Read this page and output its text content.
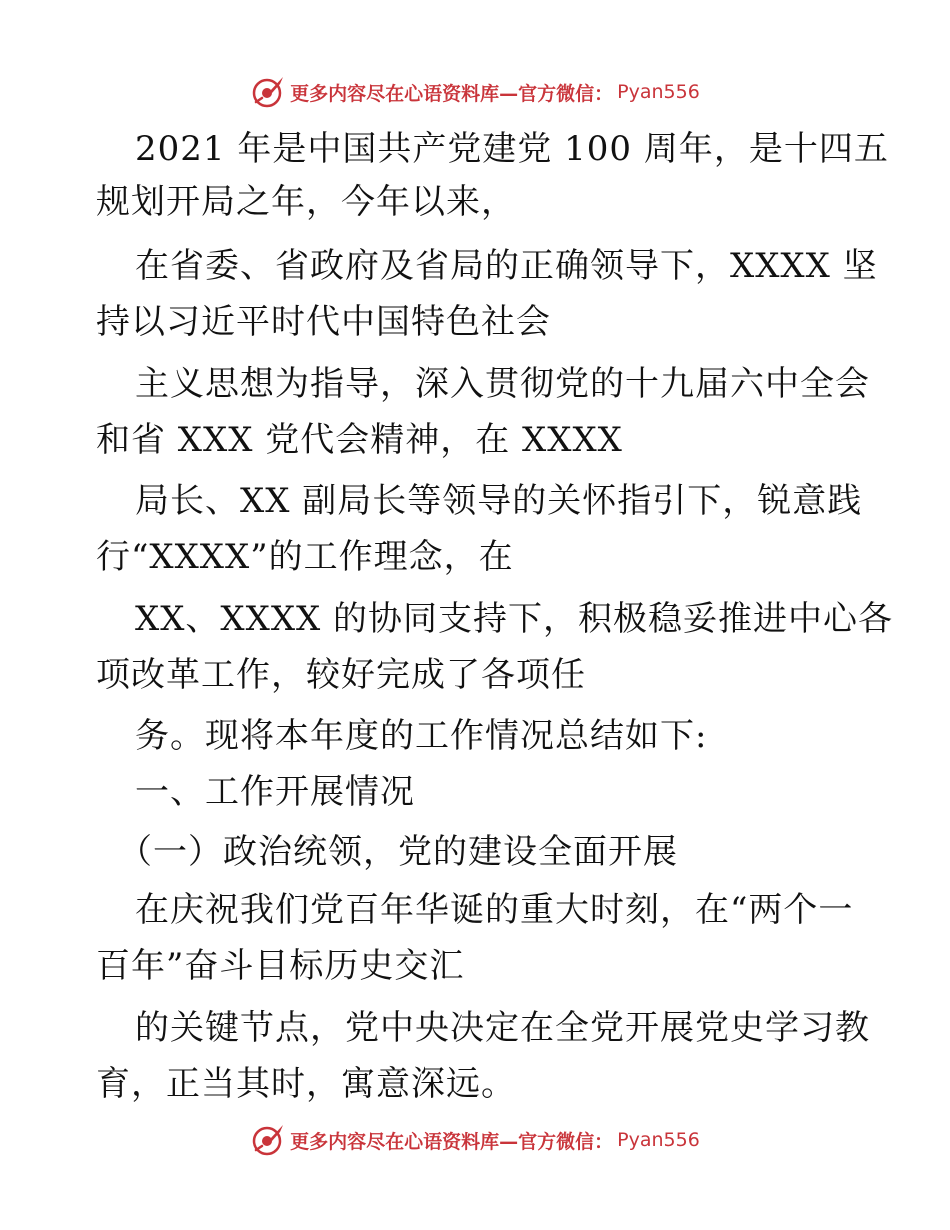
更多内容尽在心语资料库—官方微信： Pyan556
2021 年是中国共产党建党 100 周年，是十四五
规划开局之年，今年以来，
在省委、省政府及省局的正确领导下，XXXX 坚
持以习近平时代中国特色社会
主义思想为指导，深入贯彻党的十九届六中全会
和省 XXX 党代会精神，在 XXXX
局长、XX 副局长等领导的关怀指引下，锐意践
行“XXXX”的工作理念，在
XX、XXXX 的协同支持下，积极稳妥推进中心各
项改革工作，较好完成了各项任
务。现将本年度的工作情况总结如下:
一、工作开展情况
（一）政治统领，党的建设全面开展
在庆祝我们党百年华诞的重大时刻，在“两个一
百年”奋斗目标历史交汇
的关键节点，党中央决定在全党开展党史学习教
育，正当其时，寓意深远。
更多内容尽在心语资料库—官方微信： Pyan556
